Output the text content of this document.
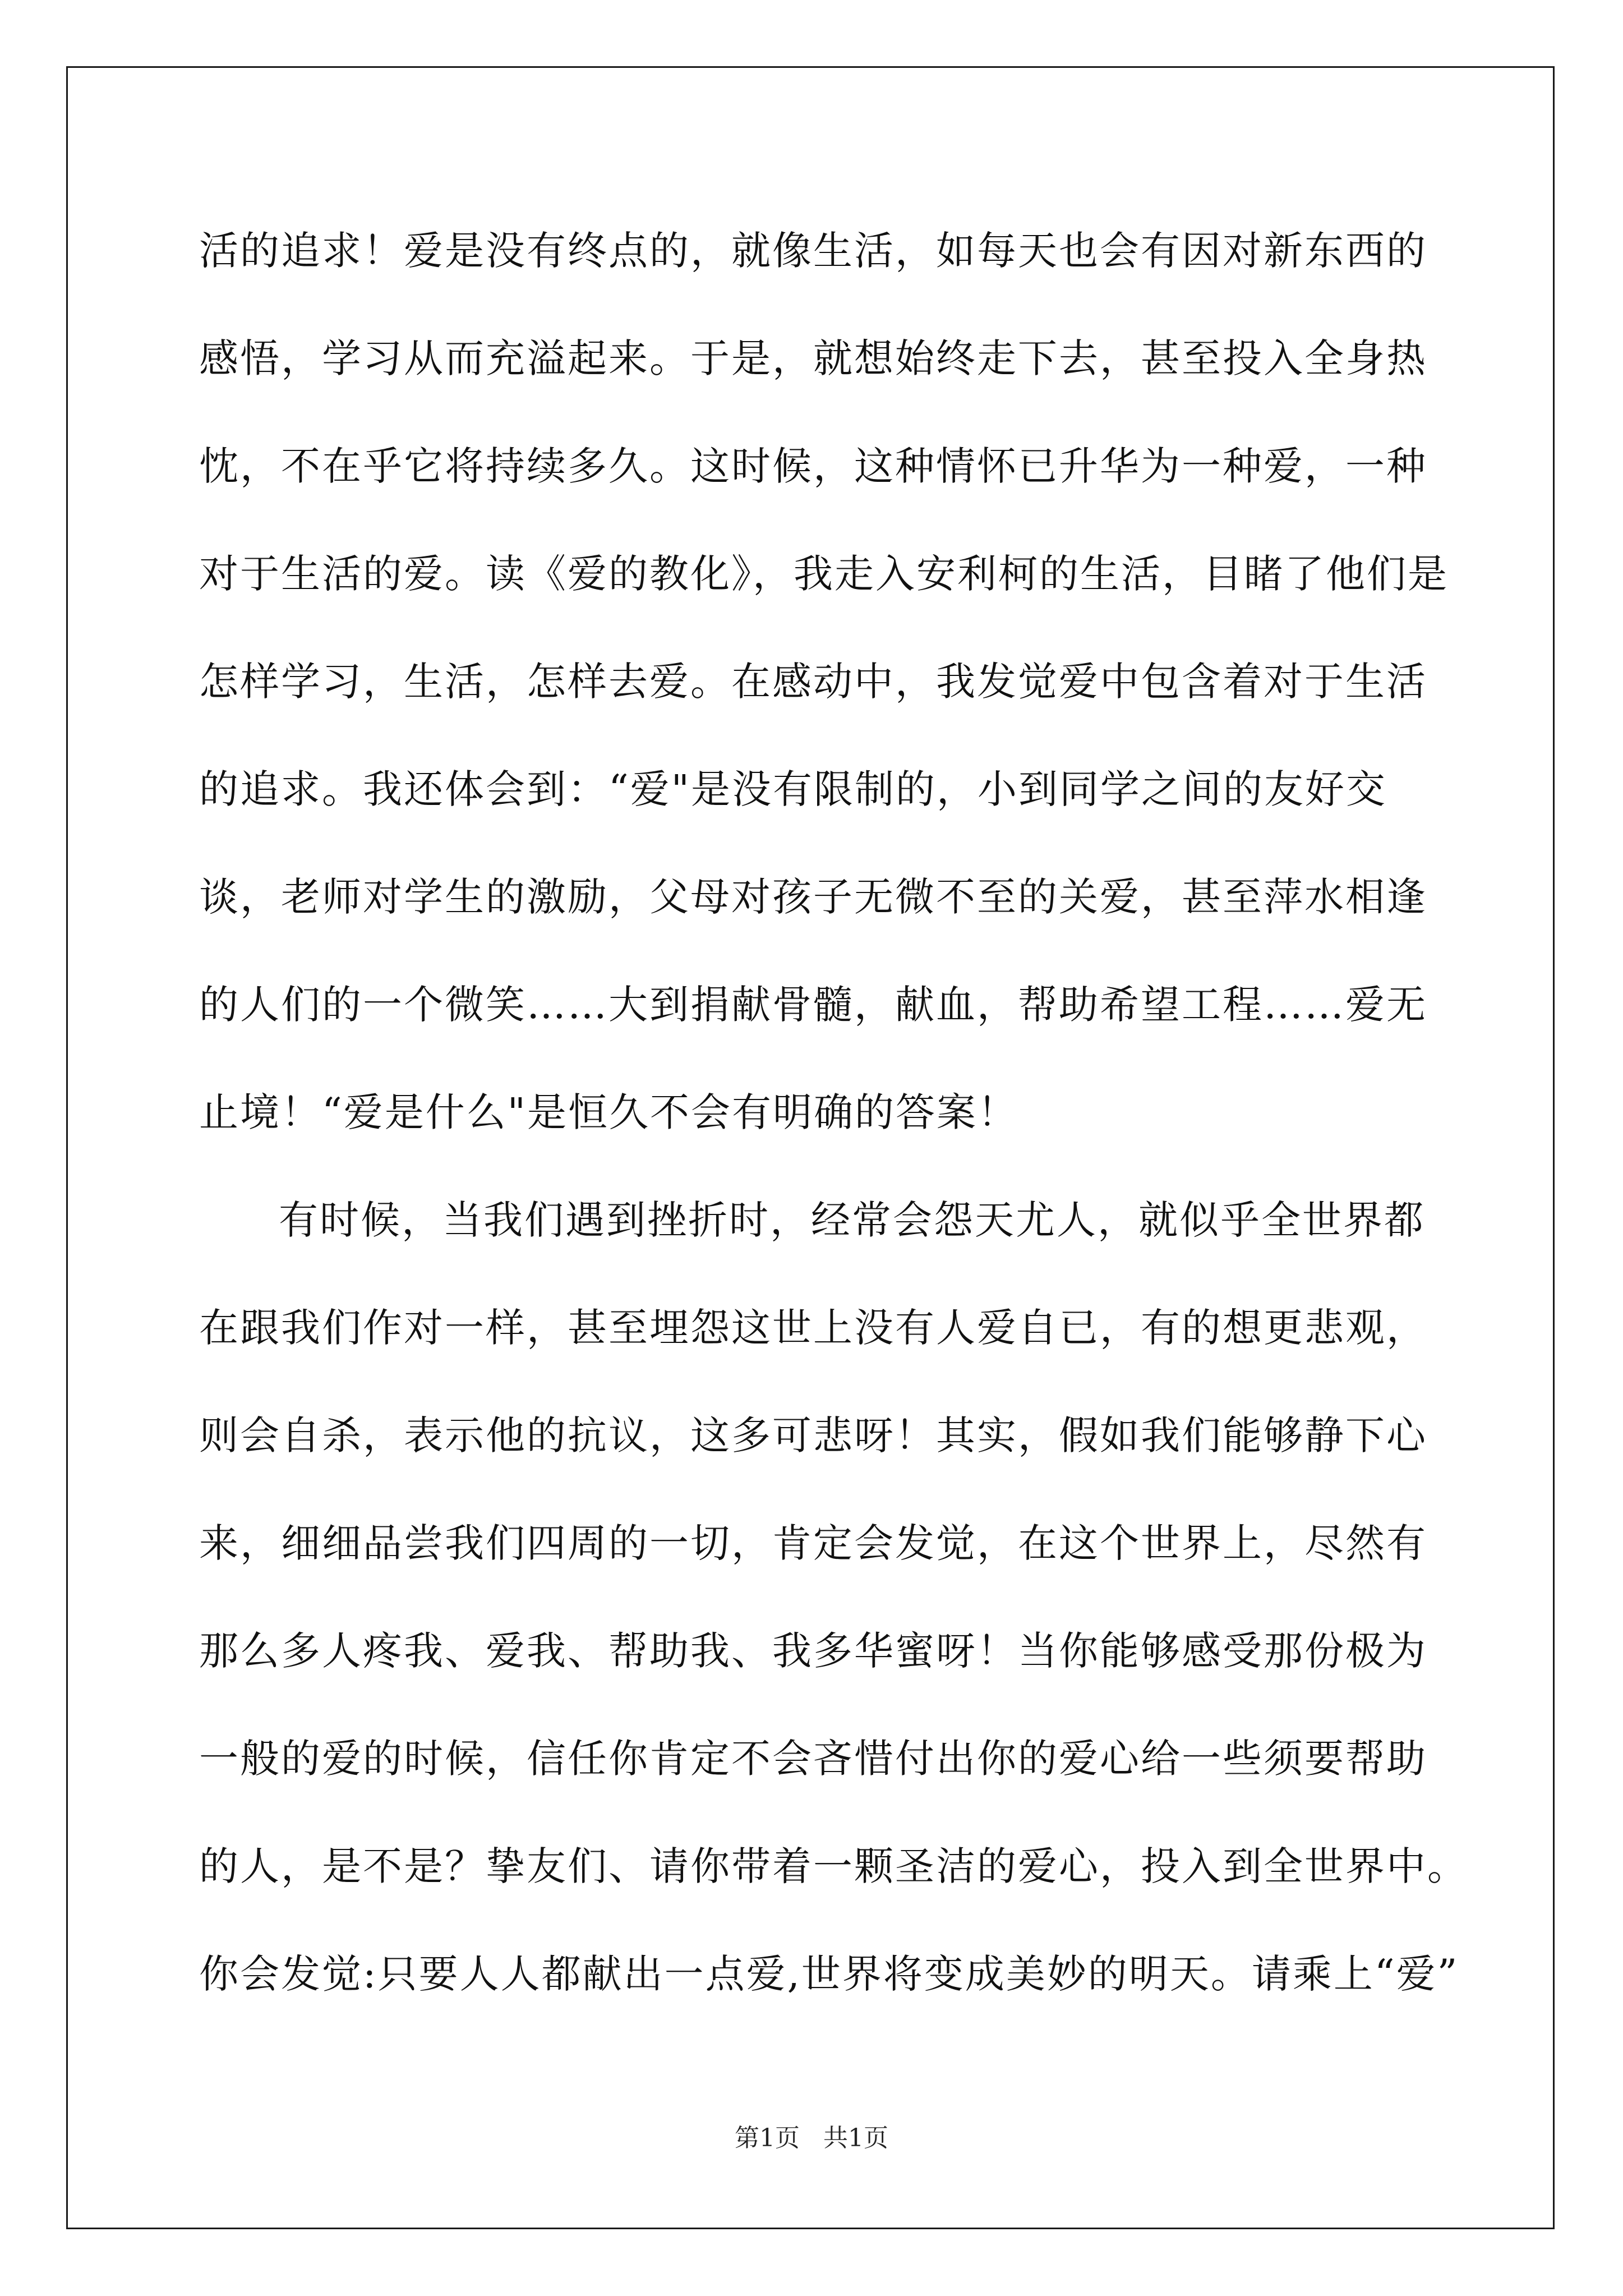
活的追求！爱是没有终点的，就像生活，如每天也会有因对新东西的
感悟，学习从而充溢起来。于是，就想始终走下去，甚至投入全身热
忱，不在乎它将持续多久。这时候，这种情怀已升华为一种爱，一种
对于生活的爱。读《爱的教化》，我走入安利柯的生活，目睹了他们是
怎样学习，生活，怎样去爱。在感动中，我发觉爱中包含着对于生活
的追求。我还体会到：“爱"是没有限制的，小到同学之间的友好交
谈，老师对学生的激励，父母对孩子无微不至的关爱，甚至萍水相逢
的人们的一个微笑……大到捐献骨髓，献血，帮助希望工程……爱无
止境！“爱是什么"是恒久不会有明确的答案！
有时候，当我们遇到挫折时，经常会怨天尤人，就似乎全世界都
在跟我们作对一样，甚至埋怨这世上没有人爱自已，有的想更悲观，
则会自杀，表示他的抗议，这多可悲呀！其实，假如我们能够静下心
来，细细品尝我们四周的一切，肯定会发觉，在这个世界上，尽然有
那么多人疼我、爱我、帮助我、我多华蜜呀！当你能够感受那份极为
一般的爱的时候，信任你肯定不会吝惜付出你的爱心给一些须要帮助
的人，是不是？挚友们、请你带着一颗圣洁的爱心，投入到全世界中。
你会发觉:只要人人都献出一点爱,世界将变成美妙的明天。请乘上“爱”
第1页   共1页
